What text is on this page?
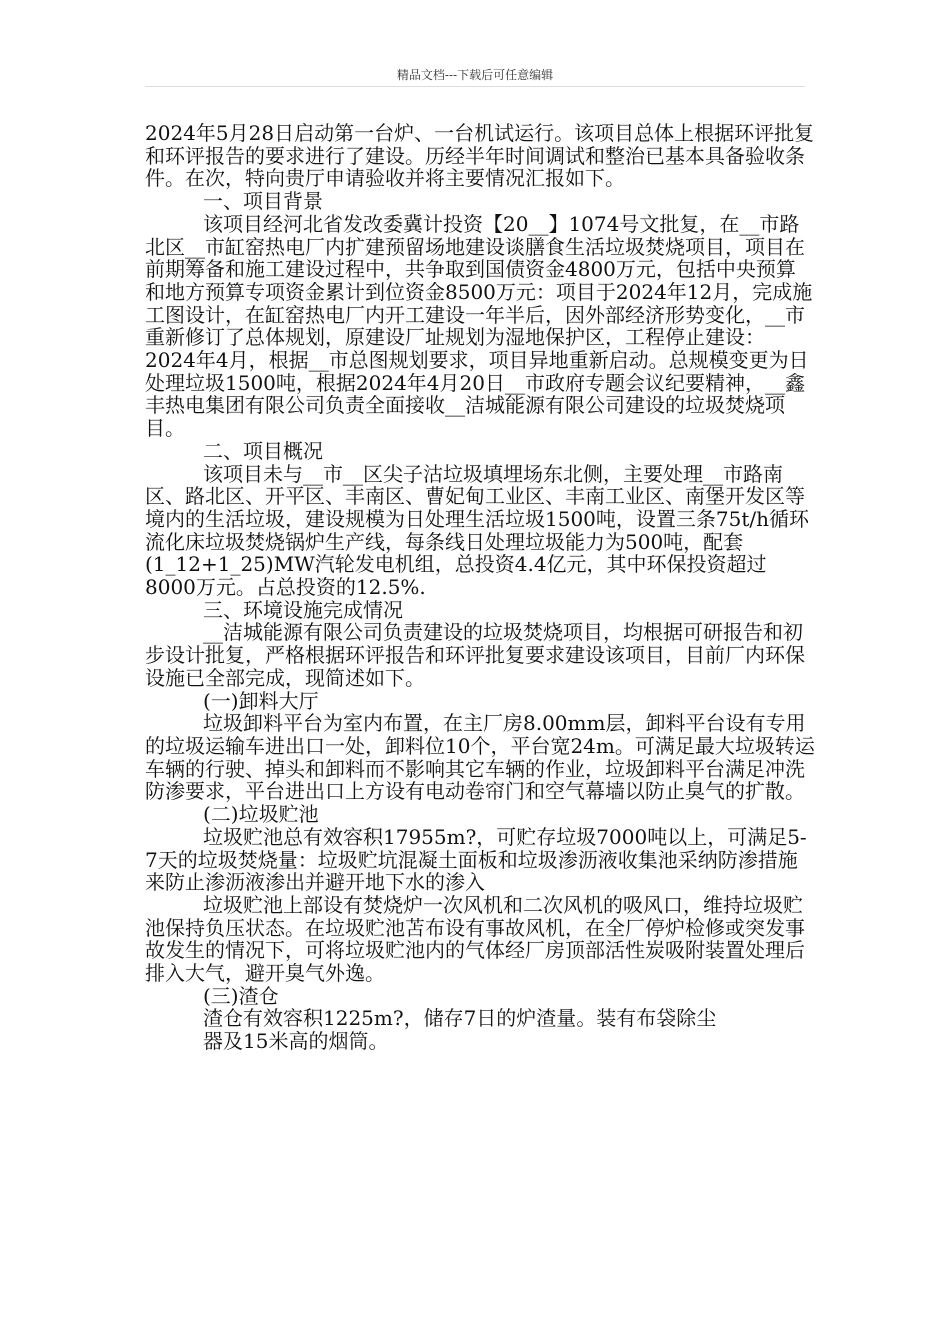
精品文档---下载后可任意编辑

2024年5月28日启动第一台炉、一台机试运行。该项目总体上根据环评批复和环评报告的要求进行了建设。历经半年时间调试和整治已基本具备验收条件。在次，特向贵厅申请验收并将主要情况汇报如下。

一、项目背景

该项目经河北省发改委冀计投资【20__】1074号文批复，在__市路北区__市缸窑热电厂内扩建预留场地建设谈膳食生活垃圾焚烧项目，项目在前期筹备和施工建设过程中，共争取到国债资金4800万元，包括中央预算和地方预算专项资金累计到位资金8500万元：项目于2024年12月，完成施工图设计，在缸窑热电厂内开工建设一年半后，因外部经济形势变化，__市重新修订了总体规划，原建设厂址规划为湿地保护区，工程停止建设：2024年4月，根据__市总图规划要求，项目异地重新启动。总规模变更为日处理垃圾1500吨，根据2024年4月20日__市政府专题会议纪要精神，__鑫丰热电集团有限公司负责全面接收__洁城能源有限公司建设的垃圾焚烧项目。

二、项目概况

该项目未与__市__区尖子沽垃圾填埋场东北侧，主要处理__市路南区、路北区、开平区、丰南区、曹妃甸工业区、丰南工业区、南堡开发区等境内的生活垃圾，建设规模为日处理生活垃圾1500吨，设置三条75t/h循环流化床垃圾焚烧锅炉生产线，每条线日处理垃圾能力为500吨，配套(1_12+1_25)MW汽轮发电机组，总投资4.4亿元，其中环保投资超过8000万元。占总投资的12.5%.

三、环境设施完成情况

__洁城能源有限公司负责建设的垃圾焚烧项目，均根据可研报告和初步设计批复，严格根据环评报告和环评批复要求建设该项目，目前厂内环保设施已全部完成，现简述如下。

(一)卸料大厅

垃圾卸料平台为室内布置，在主厂房8.00mm层，卸料平台设有专用的垃圾运输车进出口一处，卸料位10个，平台宽24m。可满足最大垃圾转运车辆的行驶、掉头和卸料而不影响其它车辆的作业，垃圾卸料平台满足冲洗防渗要求，平台进出口上方设有电动卷帘门和空气幕墙以防止臭气的扩散。

(二)垃圾贮池

垃圾贮池总有效容积17955m?，可贮存垃圾7000吨以上，可满足5-7天的垃圾焚烧量：垃圾贮坑混凝土面板和垃圾渗沥液收集池采纳防渗措施来防止渗沥液渗出并避开地下水的渗入

垃圾贮池上部设有焚烧炉一次风机和二次风机的吸风口，维持垃圾贮池保持负压状态。在垃圾贮池苫布设有事故风机，在全厂停炉检修或突发事故发生的情况下，可将垃圾贮池内的气体经厂房顶部活性炭吸附装置处理后排入大气，避开臭气外逸。

(三)渣仓

渣仓有效容积1225m?，储存7日的炉渣量。装有布袋除尘

器及15米高的烟筒。
